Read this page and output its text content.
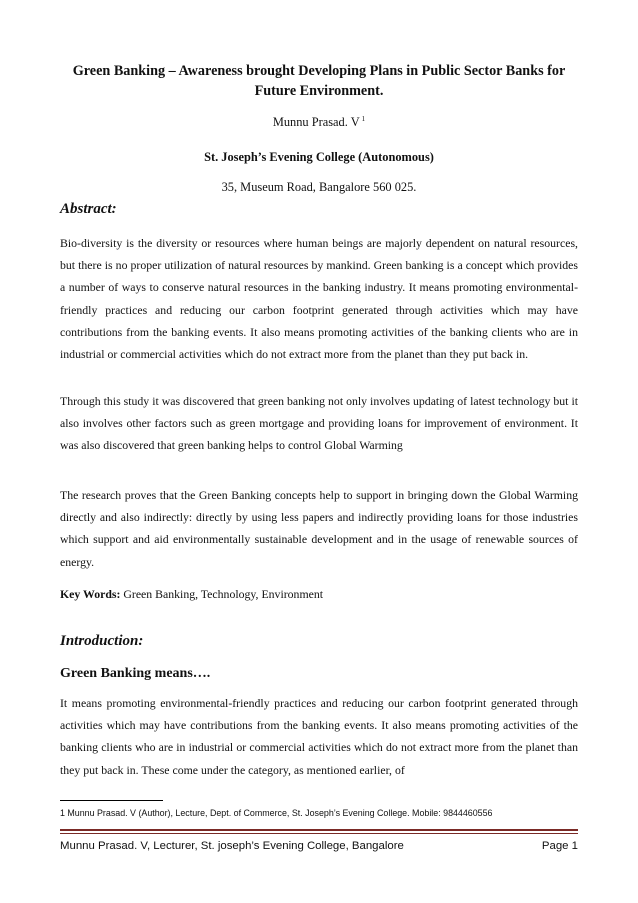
Green Banking – Awareness brought Developing Plans in Public Sector Banks for Future Environment.
Munnu Prasad. V $^1$
St. Joseph’s Evening College (Autonomous)
35, Museum Road, Bangalore 560 025.
Abstract:

Bio-diversity is the diversity or resources where human beings are majorly dependent on natural resources, but there is no proper utilization of natural resources by mankind. Green banking is a concept which provides a number of ways to conserve natural resources in the banking industry. It means promoting environmental-friendly practices and reducing our carbon footprint generated through activities which may have contributions from the banking events. It also means promoting activities of the banking clients who are in industrial or commercial activities which do not extract more from the planet than they put back in.

Through this study it was discovered that green banking not only involves updating of latest technology but it also involves other factors such as green mortgage and providing loans for improvement of environment. It was also discovered that green banking helps to control Global Warming

The research proves that the Green Banking concepts help to support in bringing down the Global Warming directly and also indirectly: directly by using less papers and indirectly providing loans for those industries which support and aid environmentally sustainable development and in the usage of renewable sources of energy.

Key Words: Green Banking, Technology, Environment
Introduction:
Green Banking means….

It means promoting environmental-friendly practices and reducing our carbon footprint generated through activities which may have contributions from the banking events. It also means promoting activities of the banking clients who are in industrial or commercial activities which do not extract more from the planet than they put back in. These come under the category, as mentioned earlier, of

1 Munnu Prasad. V (Author), Lecture, Dept. of Commerce, St. Joseph’s Evening College. Mobile: 9844460556
Munnu Prasad. V, Lecturer, St. joseph’s Evening College, Bangalore	Page 1
